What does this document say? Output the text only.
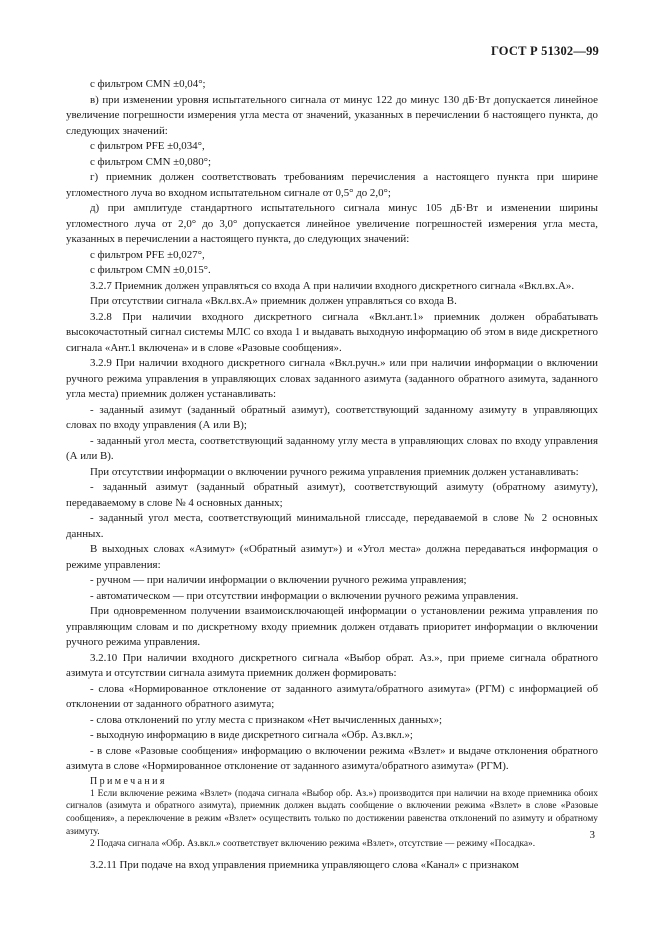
ГОСТ Р 51302—99

с фильтром CMN ±0,04°;

в) при изменении уровня испытательного сигнала от минус 122 до минус 130 дБ·Вт допускается линейное увеличение погрешности измерения угла места от значений, указанных в перечислении б настоящего пункта, до следующих значений:

с фильтром PFE ±0,034°,

с фильтром CMN ±0,080°;

г) приемник должен соответствовать требованиям перечисления а настоящего пункта при ширине угломестного луча во входном испытательном сигнале от 0,5° до 2,0°;

д) при амплитуде стандартного испытательного сигнала минус 105 дБ·Вт и изменении ширины угломестного луча от 2,0° до 3,0° допускается линейное увеличение погрешностей измерения угла места, указанных в перечислении а настоящего пункта, до следующих значений:

с фильтром PFE ±0,027°,

с фильтром CMN ±0,015°.

3.2.7 Приемник должен управляться со входа А при наличии входного дискретного сигнала «Вкл.вх.А».

При отсутствии сигнала «Вкл.вх.А» приемник должен управляться со входа В.

3.2.8 При наличии входного дискретного сигнала «Вкл.ант.1» приемник должен обрабатывать высокочастотный сигнал системы МЛС со входа 1 и выдавать выходную информацию об этом в виде дискретного сигнала «Ант.1 включена» и в слове «Разовые сообщения».

3.2.9 При наличии входного дискретного сигнала «Вкл.ручн.» или при наличии информации о включении ручного режима управления в управляющих словах заданного азимута (заданного обратного азимута, заданного угла места) приемник должен устанавливать:

- заданный азимут (заданный обратный азимут), соответствующий заданному азимуту в управляющих словах по входу управления (А или В);

- заданный угол места, соответствующий заданному углу места в управляющих словах по входу управления (А или В).

При отсутствии информации о включении ручного режима управления приемник должен устанавливать:

- заданный азимут (заданный обратный азимут), соответствующий азимуту (обратному азимуту), передаваемому в слове № 4 основных данных;

- заданный угол места, соответствующий минимальной глиссаде, передаваемой в слове № 2 основных данных.

В выходных словах «Азимут» («Обратный азимут») и «Угол места» должна передаваться информация о режиме управления:

- ручном — при наличии информации о включении ручного режима управления;

- автоматическом — при отсутствии информации о включении ручного режима управления.

При одновременном получении взаимоисключающей информации о установлении режима управления по управляющим словам и по дискретному входу приемник должен отдавать приоритет информации о включении ручного режима управления.

3.2.10 При наличии входного дискретного сигнала «Выбор обрат. Аз.», при приеме сигнала обратного азимута и отсутствии сигнала азимута приемник должен формировать:

- слова «Нормированное отклонение от заданного азимута/обратного азимута» (РГМ) с информацией об отклонении от заданного обратного азимута;

- слова отклонений по углу места с признаком «Нет вычисленных данных»;

- выходную информацию в виде дискретного сигнала «Обр. Аз.вкл.»;

- в слове «Разовые сообщения» информацию о включении режима «Взлет» и выдаче отклонения обратного азимута в слове «Нормированное отклонение от заданного азимута/обратного азимута» (РГМ).

Примечания

1 Если включение режима «Взлет» (подача сигнала «Выбор обр. Аз.») производится при наличии на входе приемника обоих сигналов (азимута и обратного азимута), приемник должен выдать сообщение о включении режима «Взлет» в слове «Разовые сообщения», а переключение в режим «Взлет» осуществить только по достижении равенства отклонений по азимуту и обратному азимуту.

2 Подача сигнала «Обр. Аз.вкл.» соответствует включению режима «Взлет», отсутствие — режиму «Посадка».

3.2.11 При подаче на вход управления приемника управляющего слова «Канал» с признаком

3
